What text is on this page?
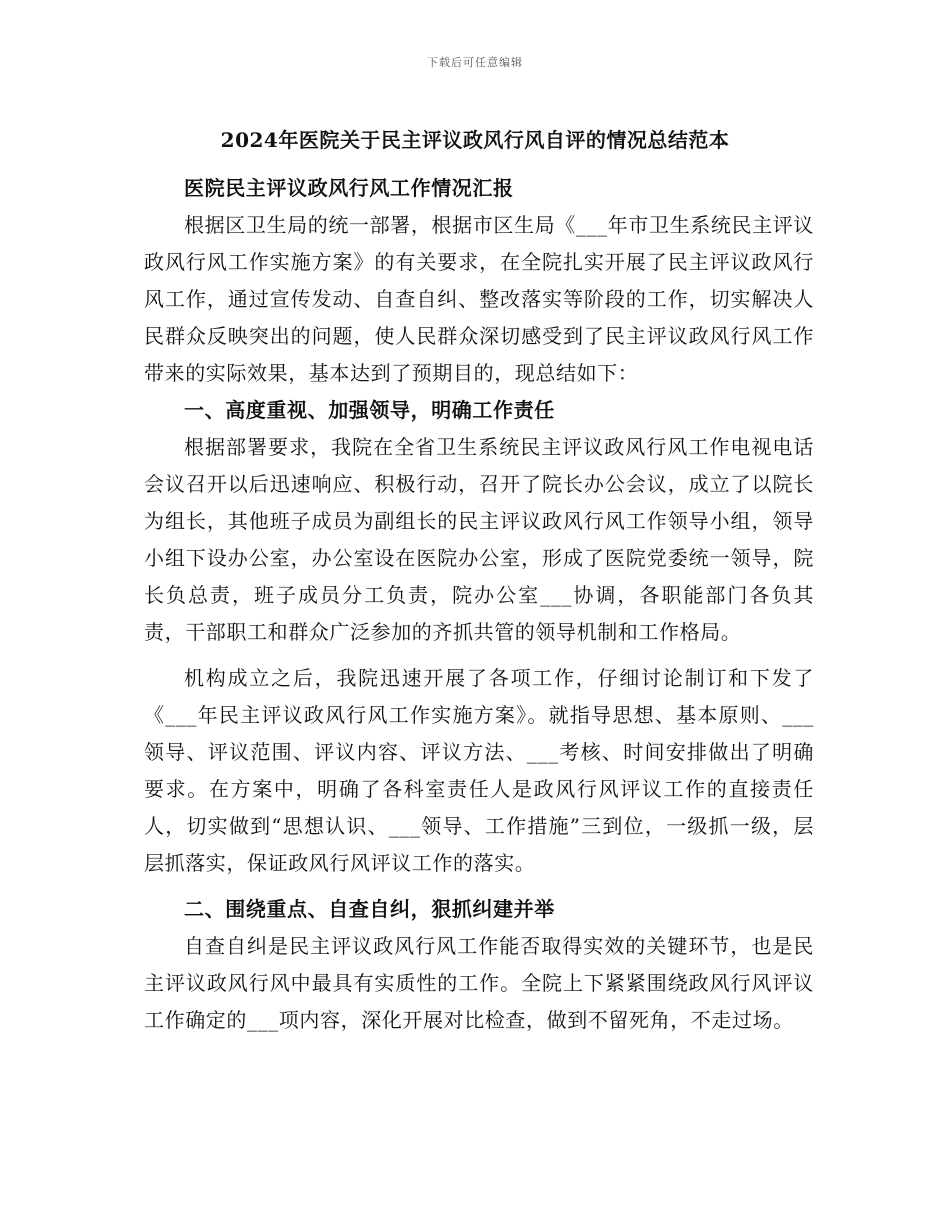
下载后可任意编辑
2024年医院关于民主评议政风行风自评的情况总结范本

医院民主评议政风行风工作情况汇报

根据区卫生局的统一部署，根据市区生局《___年市卫生系统民主评议政风行风工作实施方案》的有关要求，在全院扎实开展了民主评议政风行风工作，通过宣传发动、自查自纠、整改落实等阶段的工作，切实解决人民群众反映突出的问题，使人民群众深切感受到了民主评议政风行风工作带来的实际效果，基本达到了预期目的，现总结如下：

一、高度重视、加强领导，明确工作责任

根据部署要求，我院在全省卫生系统民主评议政风行风工作电视电话会议召开以后迅速响应、积极行动，召开了院长办公会议，成立了以院长为组长，其他班子成员为副组长的民主评议政风行风工作领导小组，领导小组下设办公室，办公室设在医院办公室，形成了医院党委统一领导，院长负总责，班子成员分工负责，院办公室___协调，各职能部门各负其责，干部职工和群众广泛参加的齐抓共管的领导机制和工作格局。

机构成立之后，我院迅速开展了各项工作，仔细讨论制订和下发了《___年民主评议政风行风工作实施方案》。就指导思想、基本原则、___领导、评议范围、评议内容、评议方法、___考核、时间安排做出了明确要求。在方案中，明确了各科室责任人是政风行风评议工作的直接责任人，切实做到“思想认识、___领导、工作措施”三到位，一级抓一级，层层抓落实，保证政风行风评议工作的落实。

二、围绕重点、自查自纠，狠抓纠建并举

自查自纠是民主评议政风行风工作能否取得实效的关键环节，也是民主评议政风行风中最具有实质性的工作。全院上下紧紧围绕政风行风评议工作确定的___项内容，深化开展对比检查，做到不留死角，不走过场。
